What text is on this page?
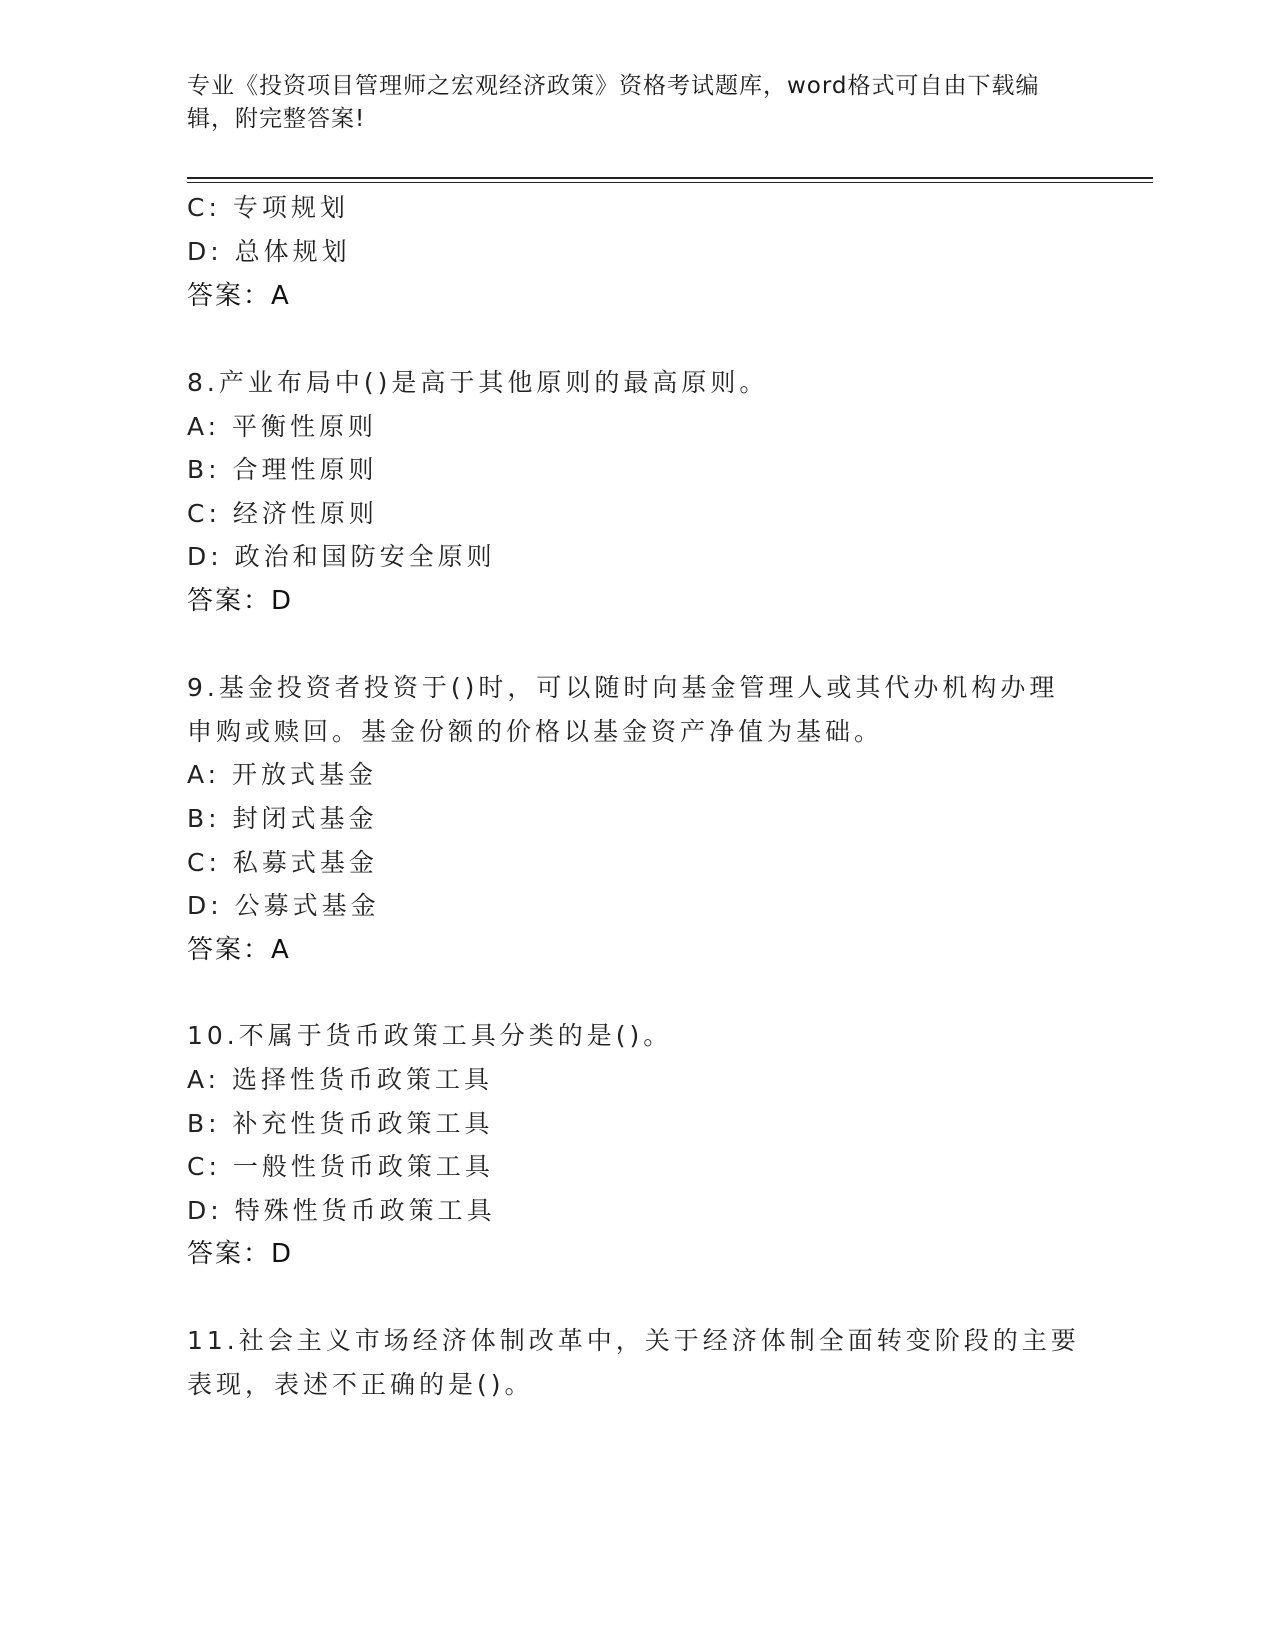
专业《投资项目管理师之宏观经济政策》资格考试题库，word格式可自由下载编
辑，附完整答案!
C: 专项规划
D: 总体规划
答案：A
8.产业布局中()是高于其他原则的最高原则。
A: 平衡性原则
B: 合理性原则
C: 经济性原则
D: 政治和国防安全原则
答案：D
9.基金投资者投资于()时，可以随时向基金管理人或其代办机构办理
申购或赎回。基金份额的价格以基金资产净值为基础。
A: 开放式基金
B: 封闭式基金
C: 私募式基金
D: 公募式基金
答案：A
10.不属于货币政策工具分类的是()。
A: 选择性货币政策工具
B: 补充性货币政策工具
C: 一般性货币政策工具
D: 特殊性货币政策工具
答案：D
11.社会主义市场经济体制改革中，关于经济体制全面转变阶段的主要
表现，表述不正确的是()。
